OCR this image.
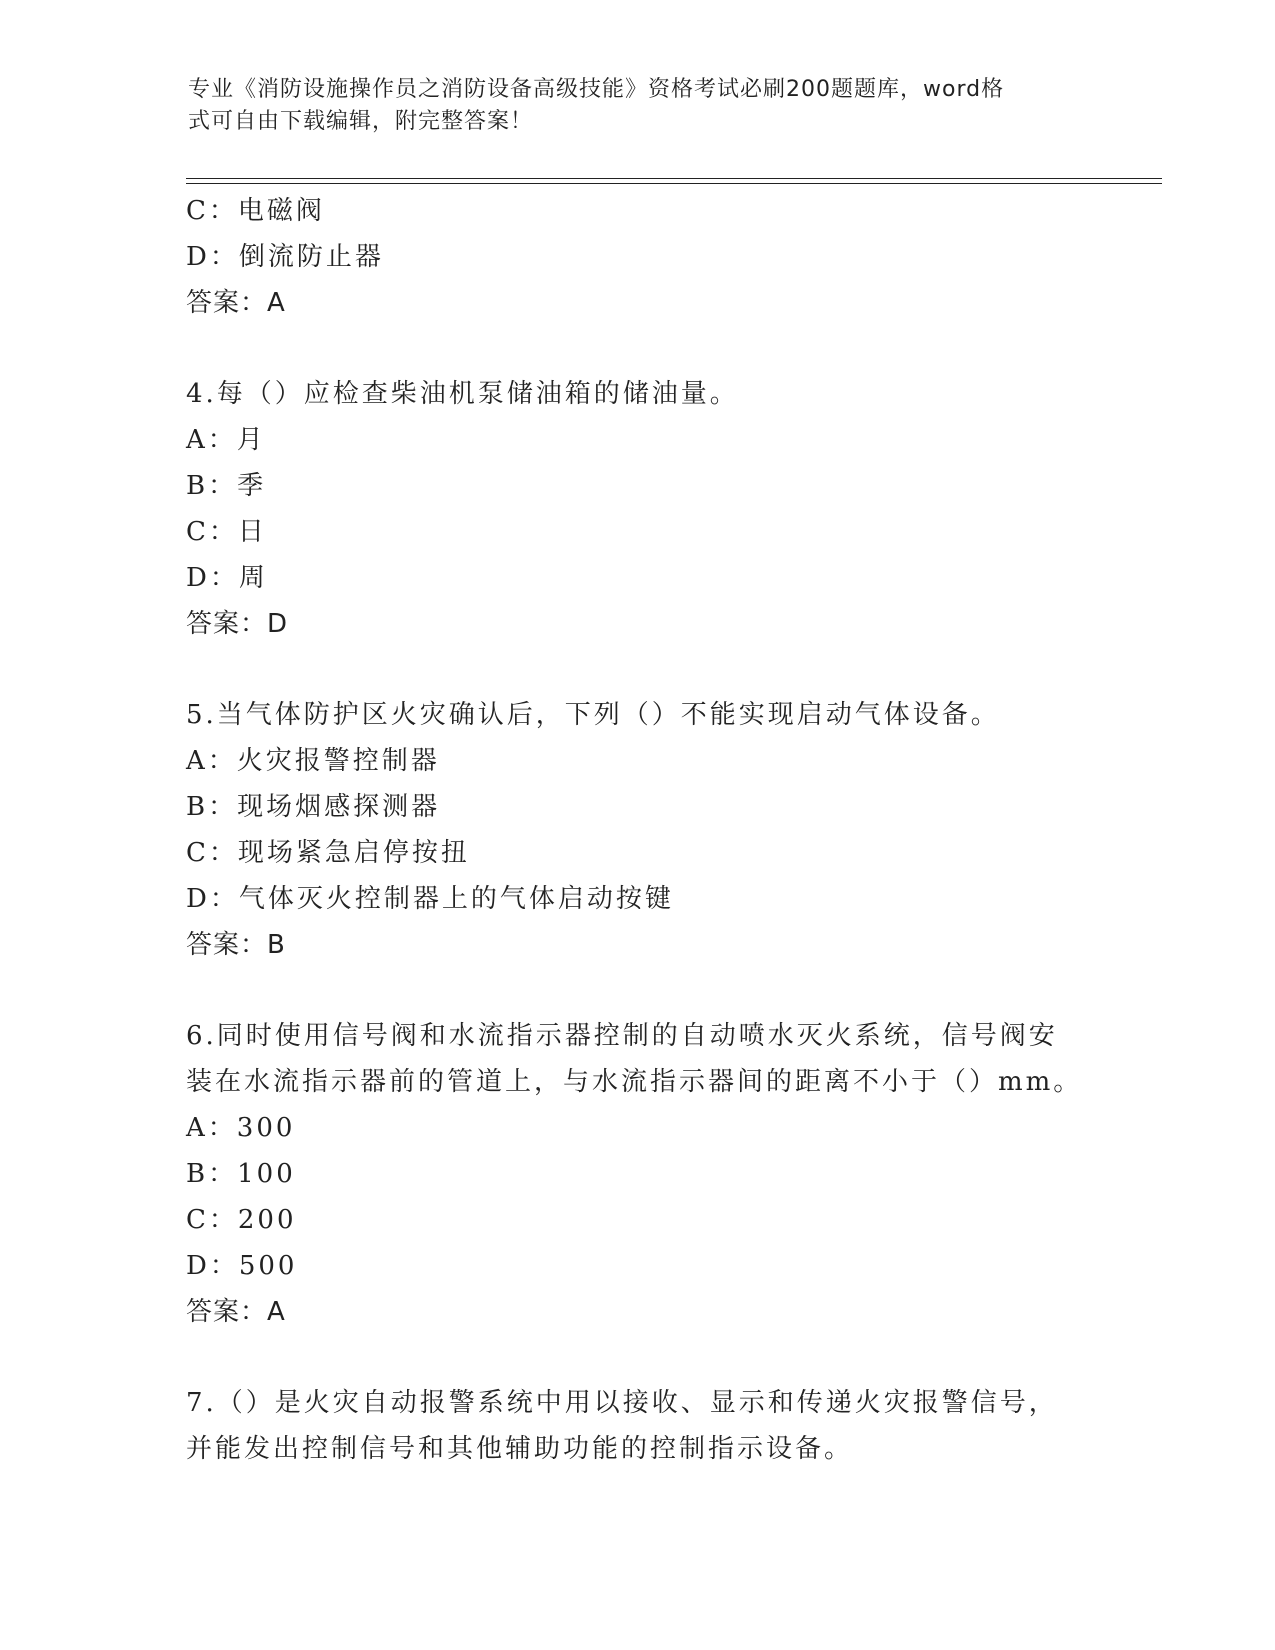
专业《消防设施操作员之消防设备高级技能》资格考试必刷200题题库，word格
式可自由下载编辑，附完整答案！
C：电磁阀
D：倒流防止器
答案：A
4.每（）应检查柴油机泵储油箱的储油量。
A：月
B：季
C：日
D：周
答案：D
5.当气体防护区火灾确认后，下列（）不能实现启动气体设备。
A：火灾报警控制器
B：现场烟感探测器
C：现场紧急启停按扭
D：气体灭火控制器上的气体启动按键
答案：B
6.同时使用信号阀和水流指示器控制的自动喷水灭火系统，信号阀安
装在水流指示器前的管道上，与水流指示器间的距离不小于（）mm。
A：300
B：100
C：200
D：500
答案：A
7.（）是火灾自动报警系统中用以接收、显示和传递火灾报警信号，
并能发出控制信号和其他辅助功能的控制指示设备。
